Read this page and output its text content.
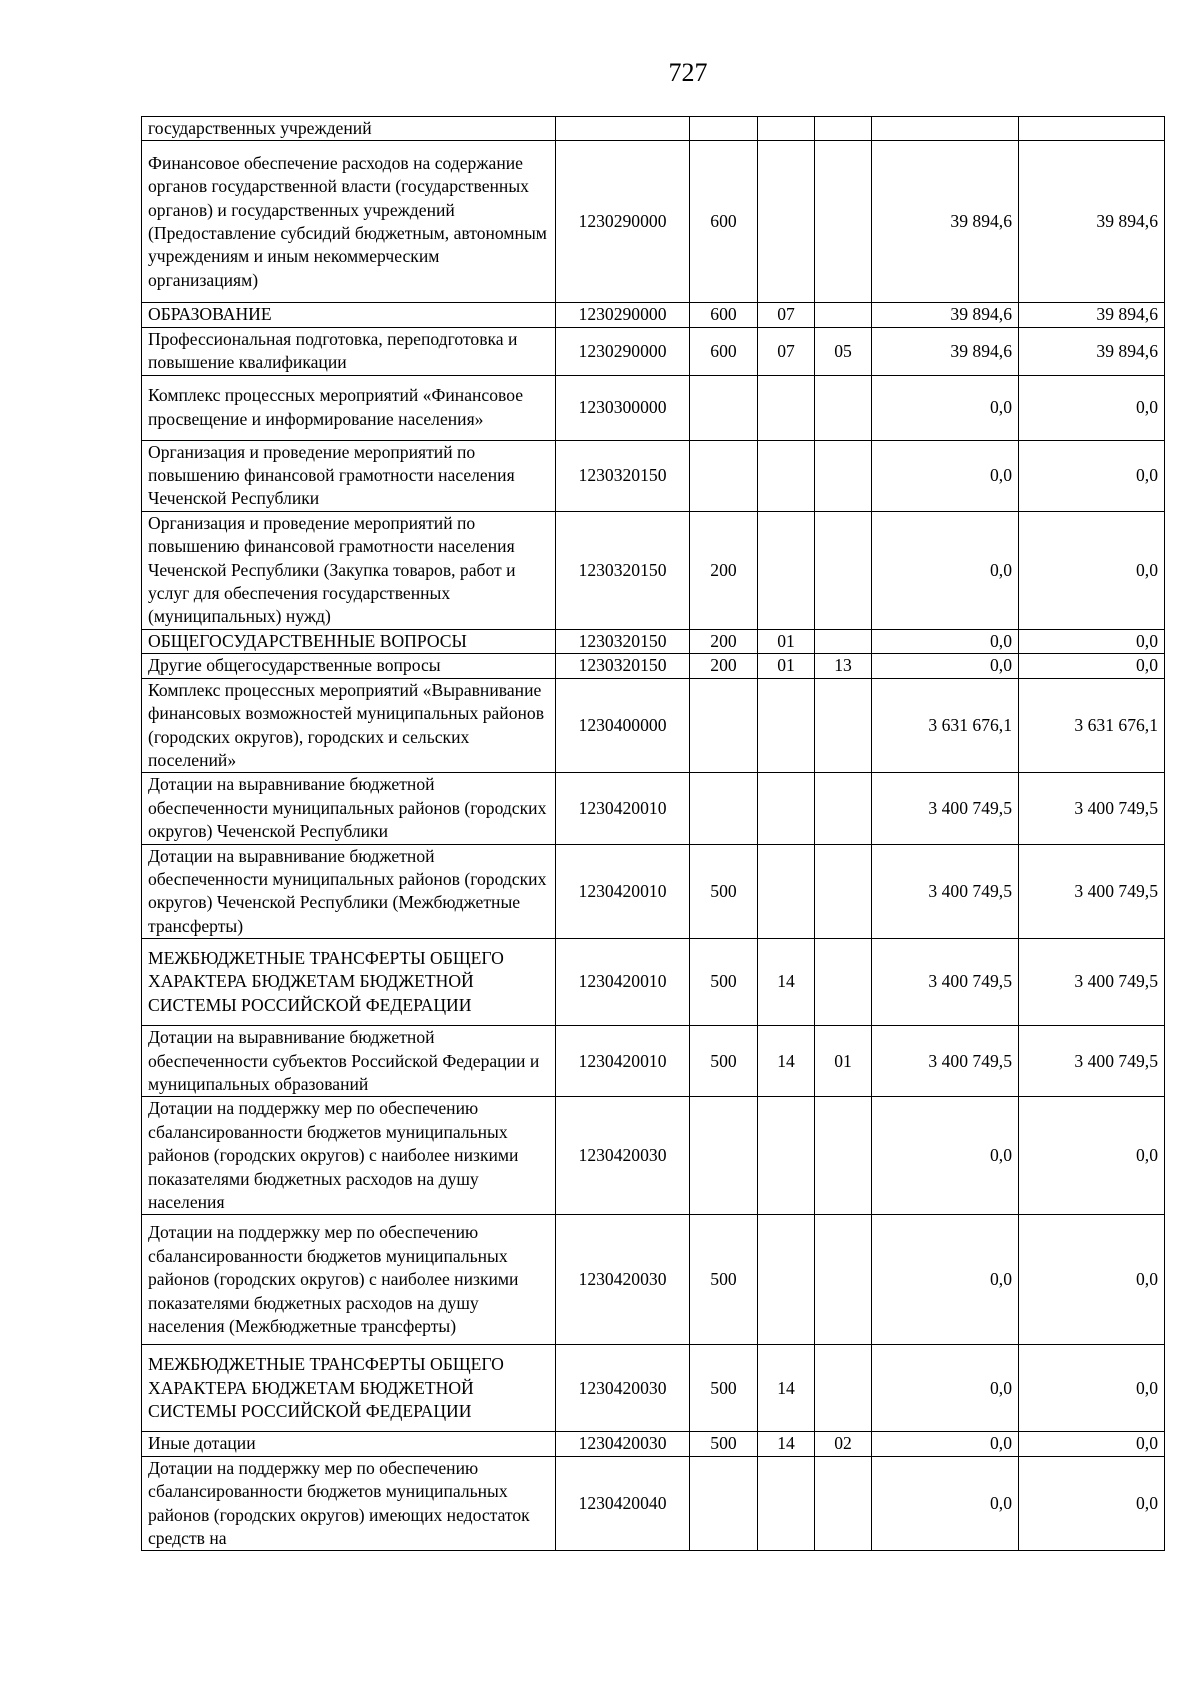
727
государственных учреждений						
Финансовое обеспечение расходов на содержание органов государственной власти (государственных органов) и государственных учреждений (Предоставление субсидий бюджетным, автономным учреждениям и иным некоммерческим организациям)	1230290000	600			39 894,6	39 894,6
ОБРАЗОВАНИЕ	1230290000	600	07		39 894,6	39 894,6
Профессиональная подготовка, переподготовка и повышение квалификации	1230290000	600	07	05	39 894,6	39 894,6
Комплекс процессных мероприятий «Финансовое просвещение и информирование населения»	1230300000				0,0	0,0
Организация и проведение мероприятий по повышению финансовой грамотности населения Чеченской Республики	1230320150				0,0	0,0
Организация и проведение мероприятий по повышению финансовой грамотности населения Чеченской Республики (Закупка товаров, работ и услуг для обеспечения государственных (муниципальных) нужд)	1230320150	200			0,0	0,0
ОБЩЕГОСУДАРСТВЕННЫЕ ВОПРОСЫ	1230320150	200	01		0,0	0,0
Другие общегосударственные вопросы	1230320150	200	01	13	0,0	0,0
Комплекс процессных мероприятий «Выравнивание финансовых возможностей муниципальных районов (городских округов), городских и сельских поселений»	1230400000				3 631 676,1	3 631 676,1
Дотации на выравнивание бюджетной обеспеченности муниципальных районов (городских округов) Чеченской Республики	1230420010				3 400 749,5	3 400 749,5
Дотации на выравнивание бюджетной обеспеченности муниципальных районов (городских округов) Чеченской Республики (Межбюджетные трансферты)	1230420010	500			3 400 749,5	3 400 749,5
МЕЖБЮДЖЕТНЫЕ ТРАНСФЕРТЫ ОБЩЕГО ХАРАКТЕРА БЮДЖЕТАМ БЮДЖЕТНОЙ СИСТЕМЫ РОССИЙСКОЙ ФЕДЕРАЦИИ	1230420010	500	14		3 400 749,5	3 400 749,5
Дотации на выравнивание бюджетной обеспеченности субъектов Российской Федерации и муниципальных образований	1230420010	500	14	01	3 400 749,5	3 400 749,5
Дотации на поддержку мер по обеспечению сбалансированности бюджетов муниципальных районов (городских округов) с наиболее низкими показателями бюджетных расходов на душу населения	1230420030				0,0	0,0
Дотации на поддержку мер по обеспечению сбалансированности бюджетов муниципальных районов (городских округов) с наиболее низкими показателями бюджетных расходов на душу населения (Межбюджетные трансферты)	1230420030	500			0,0	0,0
МЕЖБЮДЖЕТНЫЕ ТРАНСФЕРТЫ ОБЩЕГО ХАРАКТЕРА БЮДЖЕТАМ БЮДЖЕТНОЙ СИСТЕМЫ РОССИЙСКОЙ ФЕДЕРАЦИИ	1230420030	500	14		0,0	0,0
Иные дотации	1230420030	500	14	02	0,0	0,0
Дотации на поддержку мер по обеспечению сбалансированности бюджетов муниципальных районов (городских округов) имеющих недостаток средств на	1230420040				0,0	0,0
